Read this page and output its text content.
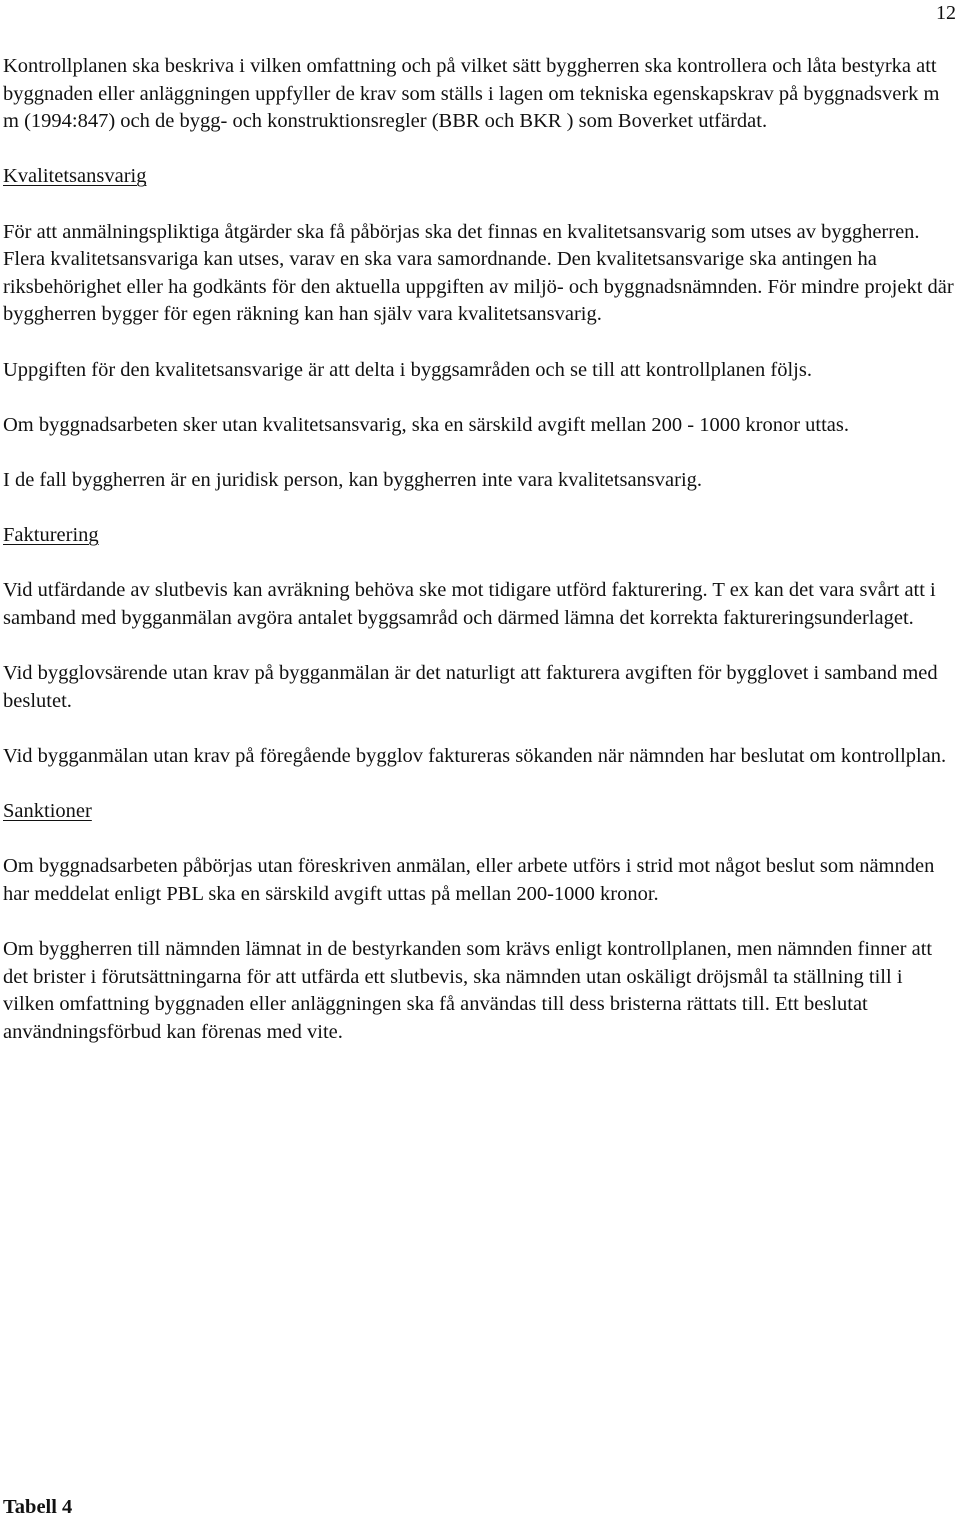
12

Kontrollplanen ska beskriva i vilken omfattning och på vilket sätt byggherren ska kontrollera och låta bestyrka att byggnaden eller anläggningen uppfyller de krav som ställs i lagen om tekniska egenskapskrav på byggnadsverk m m (1994:847) och de bygg- och konstruktionsregler (BBR och BKR ) som Boverket utfärdat.

Kvalitetsansvarig

För att anmälningspliktiga åtgärder ska få påbörjas ska det finnas en kvalitetsansvarig som utses av byggherren. Flera kvalitetsansvariga kan utses, varav en ska vara samordnande. Den kvalitetsansvarige ska antingen ha riksbehörighet eller ha godkänts för den aktuella uppgiften av miljö- och byggnadsnämnden. För mindre projekt där byggherren bygger för egen räkning kan han själv vara kvalitetsansvarig.

Uppgiften för den kvalitetsansvarige är att delta i byggsamråden och se till att kontrollplanen följs.

Om byggnadsarbeten sker utan kvalitetsansvarig, ska en särskild avgift mellan 200 - 1000 kronor uttas.

I de fall byggherren är en juridisk person, kan byggherren inte vara kvalitetsansvarig.

Fakturering

Vid utfärdande av slutbevis kan avräkning behöva ske mot tidigare utförd fakturering. T ex kan det vara svårt att i samband med bygganmälan avgöra antalet byggsamråd och därmed lämna det korrekta faktureringsunderlaget.

Vid bygglovsärende utan krav på bygganmälan är det naturligt att fakturera avgiften för bygglovet i samband med beslutet.

Vid bygganmälan utan krav på föregående bygglov faktureras sökanden när nämnden har beslutat om kontrollplan.

Sanktioner

Om byggnadsarbeten påbörjas utan föreskriven anmälan, eller arbete utförs i strid mot något beslut som nämnden har meddelat enligt PBL ska en särskild avgift uttas på mellan 200-1000 kronor.

Om byggherren till nämnden lämnat in de bestyrkanden som krävs enligt kontrollplanen, men nämnden finner att det brister i förutsättningarna för att utfärda ett slutbevis, ska nämnden utan oskäligt dröjsmål ta ställning till i vilken omfattning byggnaden eller anläggningen ska få användas till dess bristerna rättats till. Ett beslutat användningsförbud kan förenas med vite.

Tabell 4
